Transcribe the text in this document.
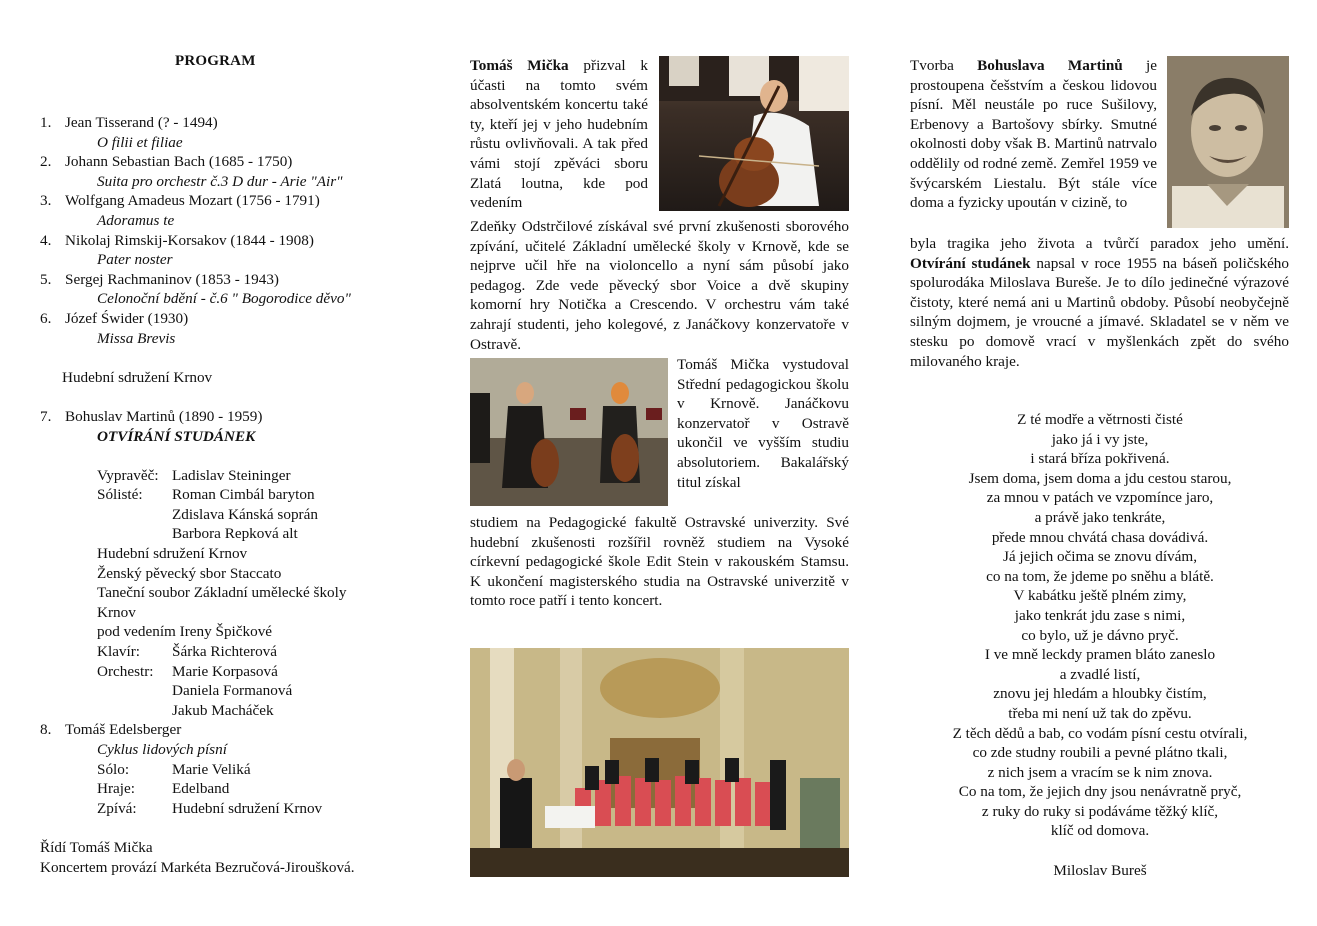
PROGRAM
1. Jean Tisserand (? - 1494)
O filii et filiae
2. Johann Sebastian Bach (1685 - 1750)
Suita pro orchestr č.3 D dur - Arie "Air"
3. Wolfgang Amadeus Mozart (1756 - 1791)
Adoramus te
4. Nikolaj Rimskij-Korsakov (1844 - 1908)
Pater noster
5. Sergej Rachmaninov (1853 - 1943)
Celonoční bdění - č.6 " Bogorodice děvo"
6. Józef Świder (1930)
Missa Brevis
Hudební sdružení Krnov
7. Bohuslav Martinů (1890 - 1959)
OTVÍRÁNÍ STUDÁNEK
Vypravěč: Ladislav Steininger
Sólisté: Roman Cimbál baryton
Zdislava Kánská soprán
Barbora Repková alt
Hudební sdružení Krnov
Ženský pěvecký sbor Staccato
Taneční soubor Základní umělecké školy
Krnov
pod vedením Ireny Špičkové
Klavír: Šárka Richterová
Orchestr: Marie Korpasová
Daniela Formanová
Jakub Macháček
8. Tomáš Edelsberger
Cyklus lidových písní
Sólo:	Marie Veliká
Hraje: Edelband
Zpívá: Hudební sdružení Krnov
Řídí Tomáš Mička
Koncertem provází Markéta Bezručová-Jiroušková.

Tomáš Mička přizval k účasti na tomto svém absolventském koncertu také ty, kteří jej v jeho hudebním růstu ovlivňovali. A tak před vámi stojí zpěváci sboru Zlatá loutna, kde pod vedením

Zdeňky Odstrčilové získával své první zkušenosti sborového zpívání, učitelé Základní umělecké školy v Krnově, kde se nejprve učil hře na violoncello a nyní sám působí jako pedagog. Zde vede pěvecký sbor Voice a dvě skupiny komorní hry Notička a Crescendo. V orchestru vám také zahrají studenti, jeho kolegové, z Janáčkovy konzervatoře v Ostravě.

Tomáš Mička vystudoval Střední pedagogickou školu v Krnově. Janáčkovu konzervatoř v Ostravě ukončil ve vyšším studiu absolutoriem. Bakalářský titul získal

studiem na Pedagogické fakultě Ostravské univerzity. Své hudební zkušenosti rozšířil rovněž studiem na Vysoké církevní pedagogické škole Edit Stein v rakouském Stamsu. K ukončení magisterského studia na Ostravské univerzitě v tomto roce patří i tento koncert.

Tvorba Bohuslava Martinů je prostoupena češstvím a českou lidovou písní. Měl neustále po ruce Sušilovy, Erbenovy a Bartošovy sbírky. Smutné okolnosti doby však B. Martinů natrvalo oddělily od rodné země. Zemřel 1959 ve švýcarském Liestalu. Být stále více doma a fyzicky upoután v cizině, to

byla tragika jeho života a tvůrčí paradox jeho umění. Otvírání studánek napsal v roce 1955 na báseň poličského spolurodáka Miloslava Bureše. Je to dílo jedinečné výrazové čistoty, které nemá ani u Martinů obdoby. Působí neobyčejně silným dojmem, je vroucné a jímavé. Skladatel se v něm ve stesku po domově vrací v myšlenkách zpět do svého milovaného kraje.

Z té modře a větrnosti čisté
jako já i vy jste,
i stará bříza pokřivená.
Jsem doma, jsem doma a jdu cestou starou,
za mnou v patách ve vzpomínce jaro,
a právě jako tenkráte,
přede mnou chvátá chasa dovádivá.
Já jejich očima se znovu dívám,
co na tom, že jdeme po sněhu a blátě.
V kabátku ještě plném zimy,
jako tenkrát jdu zase s nimi,
co bylo, už je dávno pryč.
I ve mně leckdy pramen bláto zaneslo
a zvadlé listí,
znovu jej hledám a hloubky čistím,
třeba mi není už tak do zpěvu.
Z těch dědů a bab, co vodám písní cestu otvírali,
co zde studny roubili a pevné plátno tkali,
z nich jsem a vracím se k nim znova.
Co na tom, že jejich dny jsou nenávratně pryč,
z ruky do ruky si podáváme těžký klíč,
klíč od domova.
Miloslav Bureš
